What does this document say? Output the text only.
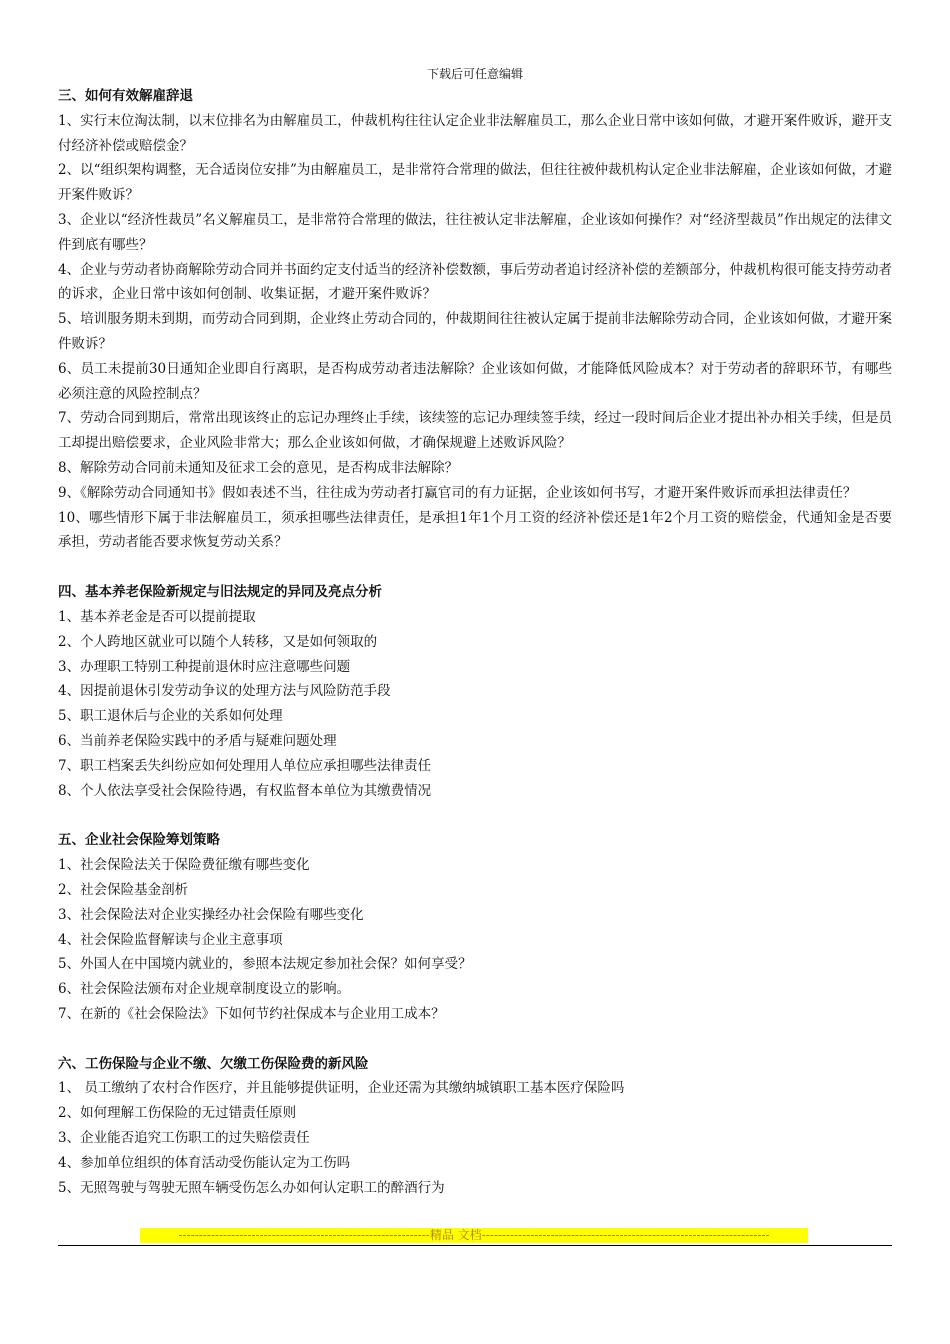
下载后可任意编辑

三、如何有效解雇辞退

1、实行末位淘汰制，以末位排名为由解雇员工，仲裁机构往往认定企业非法解雇员工，那么企业日常中该如何做，才避开案件败诉，避开支付经济补偿或赔偿金？

2、以“组织架构调整，无合适岗位安排”为由解雇员工，是非常符合常理的做法，但往往被仲裁机构认定企业非法解雇，企业该如何做，才避开案件败诉？

3、企业以“经济性裁员”名义解雇员工，是非常符合常理的做法，往往被认定非法解雇，企业该如何操作？对“经济型裁员”作出规定的法律文件到底有哪些？

4、企业与劳动者协商解除劳动合同并书面约定支付适当的经济补偿数额，事后劳动者追讨经济补偿的差额部分，仲裁机构很可能支持劳动者的诉求，企业日常中该如何创制、收集证据，才避开案件败诉？

5、培训服务期未到期，而劳动合同到期，企业终止劳动合同的，仲裁期间往往被认定属于提前非法解除劳动合同，企业该如何做，才避开案件败诉？

6、员工未提前30日通知企业即自行离职，是否构成劳动者违法解除？企业该如何做，才能降低风险成本？对于劳动者的辞职环节，有哪些必须注意的风险控制点？

7、劳动合同到期后，常常出现该终止的忘记办理终止手续，该续签的忘记办理续签手续，经过一段时间后企业才提出补办相关手续，但是员工却提出赔偿要求，企业风险非常大；那么企业该如何做，才确保规避上述败诉风险？

8、解除劳动合同前未通知及征求工会的意见，是否构成非法解除？

9、《解除劳动合同通知书》假如表述不当，往往成为劳动者打赢官司的有力证据，企业该如何书写，才避开案件败诉而承担法律责任？

10、哪些情形下属于非法解雇员工，须承担哪些法律责任，是承担1年1个月工资的经济补偿还是1年2个月工资的赔偿金，代通知金是否要承担，劳动者能否要求恢复劳动关系？

四、基本养老保险新规定与旧法规定的异同及亮点分析

1、基本养老金是否可以提前提取

2、个人跨地区就业可以随个人转移，又是如何领取的

3、办理职工特别工种提前退休时应注意哪些问题

4、因提前退休引发劳动争议的处理方法与风险防范手段

5、职工退休后与企业的关系如何处理

6、当前养老保险实践中的矛盾与疑难问题处理

7、职工档案丢失纠纷应如何处理用人单位应承担哪些法律责任

8、个人依法享受社会保险待遇，有权监督本单位为其缴费情况

五、企业社会保险筹划策略

1、社会保险法关于保险费征缴有哪些变化

2、社会保险基金剖析

3、社会保险法对企业实操经办社会保险有哪些变化

4、社会保险监督解读与企业主意事项

5、外国人在中国境内就业的，参照本法规定参加社会保？如何享受？

6、社会保险法颁布对企业规章制度设立的影响。

7、在新的《社会保险法》下如何节约社保成本与企业用工成本？

六、工伤保险与企业不缴、欠缴工伤保险费的新风险

1、 员工缴纳了农村合作医疗，并且能够提供证明，企业还需为其缴纳城镇职工基本医疗保险吗

2、如何理解工伤保险的无过错责任原则

3、企业能否追究工伤职工的过失赔偿责任

4、参加单位组织的体育活动受伤能认定为工伤吗

5、无照驾驶与驾驶无照车辆受伤怎么办如何认定职工的醉酒行为

--------------------------------------------------------------精品 文档-----------------------------------------------------------------------
